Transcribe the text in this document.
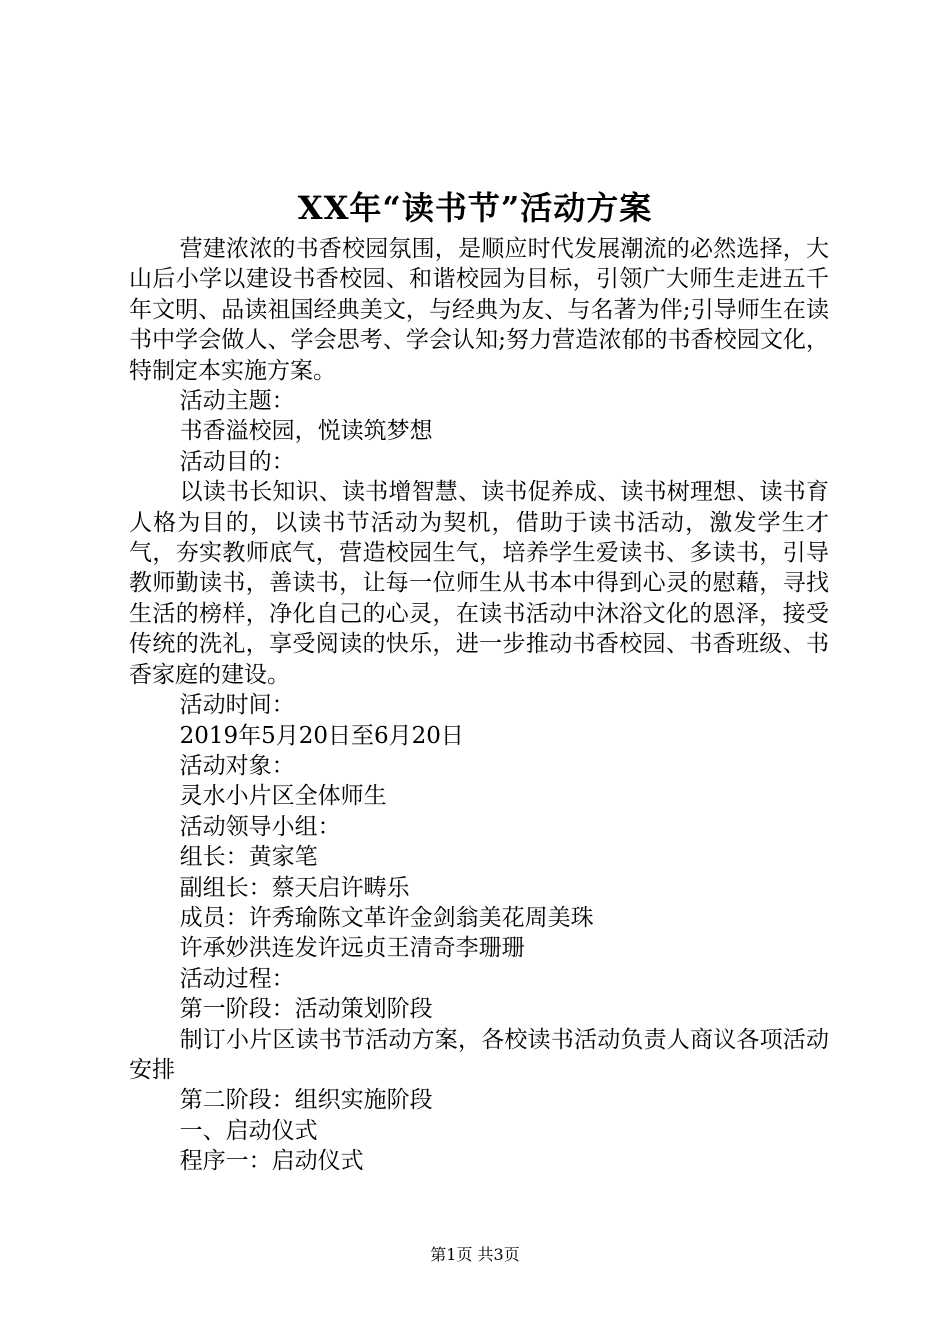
XX年“读书节”活动方案

营建浓浓的书香校园氛围，是顺应时代发展潮流的必然选择，大山后小学以建设书香校园、和谐校园为目标，引领广大师生走进五千年文明、品读祖国经典美文，与经典为友、与名著为伴;引导师生在读书中学会做人、学会思考、学会认知;努力营造浓郁的书香校园文化，特制定本实施方案。

活动主题：

书香溢校园，悦读筑梦想

活动目的：

以读书长知识、读书增智慧、读书促养成、读书树理想、读书育人格为目的，以读书节活动为契机，借助于读书活动，激发学生才气，夯实教师底气，营造校园生气，培养学生爱读书、多读书，引导教师勤读书，善读书，让每一位师生从书本中得到心灵的慰藉，寻找生活的榜样，净化自己的心灵，在读书活动中沐浴文化的恩泽，接受传统的洗礼，享受阅读的快乐，进一步推动书香校园、书香班级、书香家庭的建设。

活动时间：

2019年5月20日至6月20日

活动对象：

灵水小片区全体师生

活动领导小组：

组长：黄家笔

副组长：蔡天启许畴乐

成员：许秀瑜陈文革许金剑翁美花周美珠

许承妙洪连发许远贞王清奇李珊珊

活动过程：

第一阶段：活动策划阶段

制订小片区读书节活动方案，各校读书活动负责人商议各项活动安排

第二阶段：组织实施阶段

一、启动仪式

程序一：启动仪式

第1页 共3页
